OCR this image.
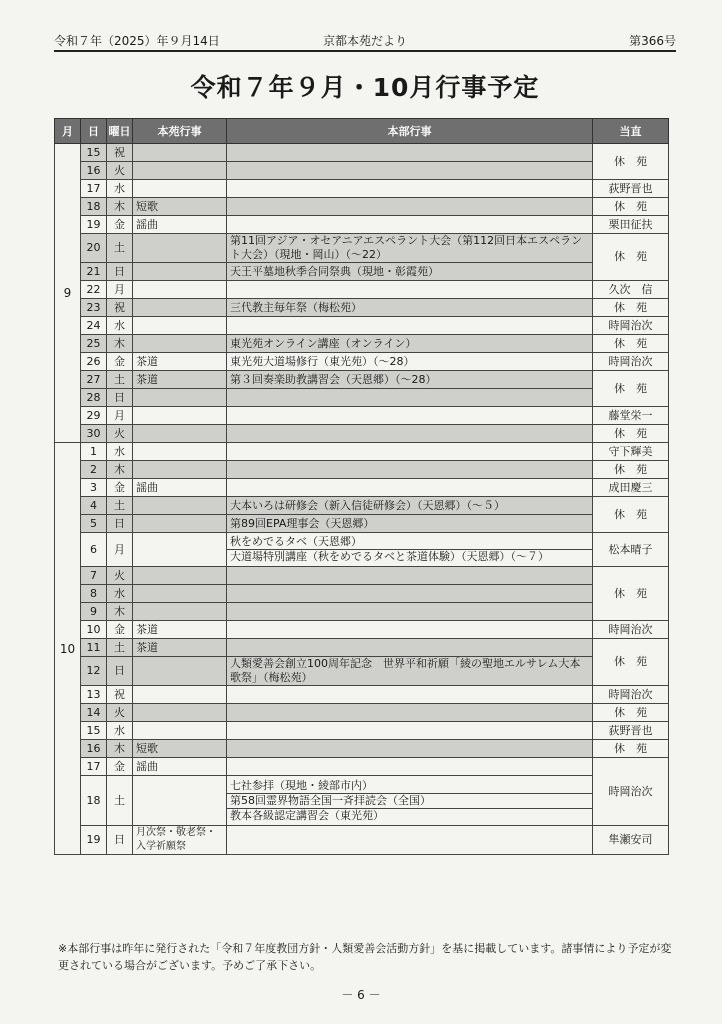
令和７年（2025）年９月14日	京都本苑だより	第366号
令和７年９月・10月行事予定
月	日	曜日	本苑行事	本部行事	当直
9	15	祝			休　苑
	16	火			
	17	水			荻野晋也
	18	木	短歌		休　苑
	19	金	謡曲		栗田征扶
	20	土		第11回アジア・オセアニアエスペラント大会（第112回日本エスペラント大会）（現地・岡山）（～22）	休　苑
	21	日		天王平墓地秋季合同祭典（現地・彰霞苑）	

	22	月			久次　信
	23	祝		三代教主毎年祭（梅松苑）	休　苑
	24	水			時岡治次
	25	木		東光苑オンライン講座（オンライン）	休　苑
	26	金	茶道	東光苑大道場修行（東光苑）（～28）	時岡治次
	27	土	茶道	第３回奏楽助教講習会（天恩郷）（～28）	休　苑
	28	日			
	29	月			藤堂栄一
	30	火			休　苑
10	1	水			守下輝美
	2	木			休　苑
	3	金	謡曲		成田慶三
	4	土		大本いろは研修会（新入信徒研修会）（天恩郷）（～５）	休　苑
	5	日		第89回EPA理事会（天恩郷）	

	6	月		秋をめでるタベ（天恩郷）
大道場特別講座（秋をめでるタベと茶道体験）（天恩郷）（～７）	松本晴子
	7	火			休　苑
	8	水			
	9	木			
	10	金	茶道		時岡治次
	11	土	茶道		休　苑
	12	日		人類愛善会創立100周年記念　世界平和祈願「綾の聖地エルサレム大本歌祭」（梅松苑）	

	13	祝			時岡治次
	14	火			休　苑
	15	水			荻野晋也
	16	木	短歌		休　苑
	17	金	謡曲		時岡治次
	18	土		七社参拝（現地・綾部市内）
第58回霊界物語全国一斉拝読会（全国）
教本各級認定講習会（東光苑）	

	19	日	月次祭・敬老祭・入学祈願祭		隼瀬安司
※本部行事は昨年に発行された「令和７年度教団方針・人類愛善会活動方針」を基に掲載しています。諸事情により予定が変更されている場合がございます。予めご了承下さい。
－ 6 －
